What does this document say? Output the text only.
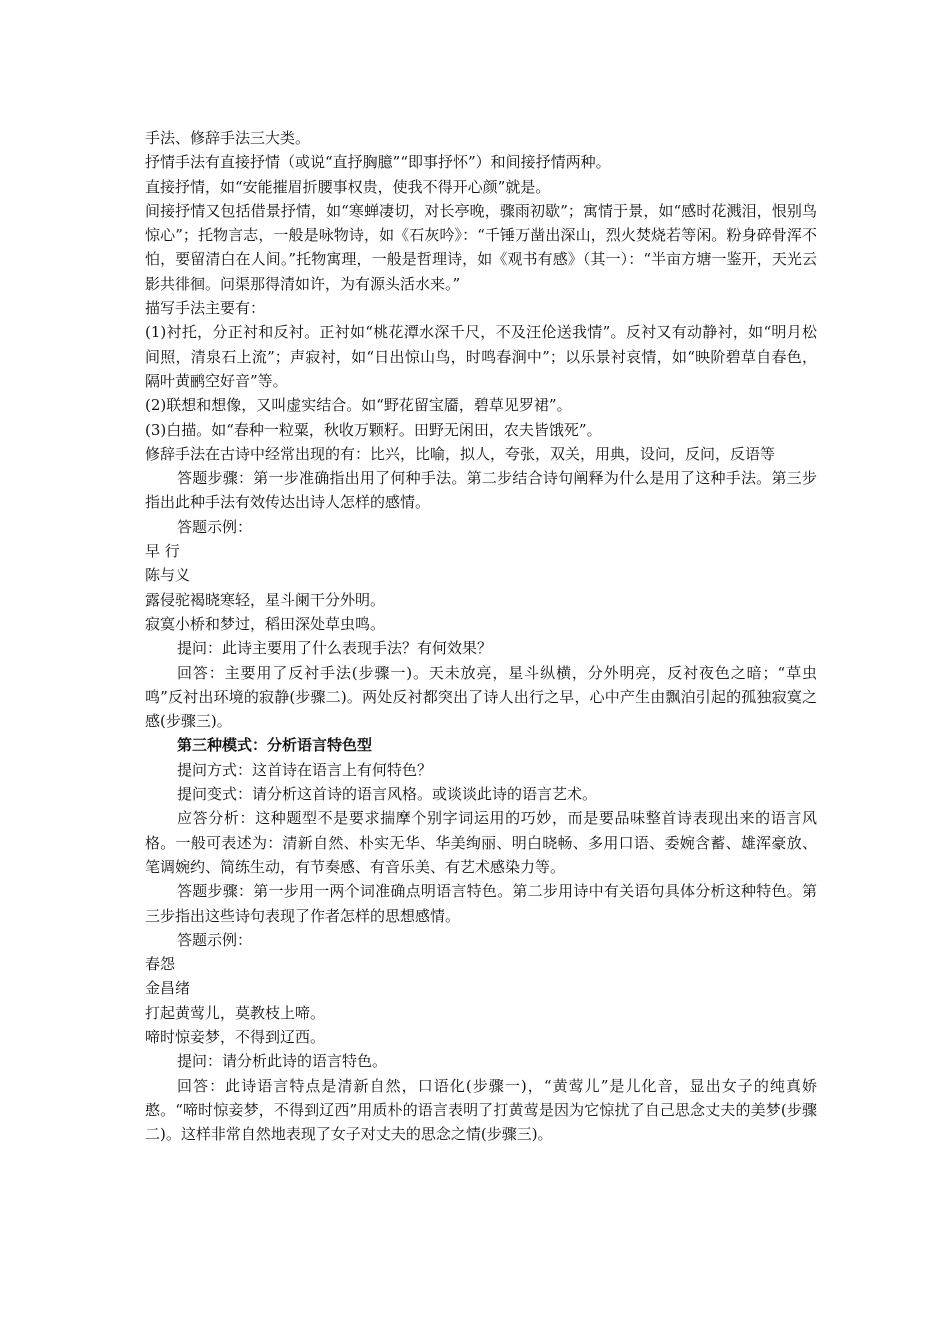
手法、修辞手法三大类。

抒情手法有直接抒情（或说“直抒胸臆”“即事抒怀”）和间接抒情两种。

直接抒情，如“安能摧眉折腰事权贵，使我不得开心颜”就是。

间接抒情又包括借景抒情，如“寒蝉凄切，对长亭晚，骤雨初歇”；寓情于景，如“感时花溅泪，恨别鸟惊心”；托物言志，一般是咏物诗，如《石灰吟》：“千锤万凿出深山，烈火焚烧若等闲。粉身碎骨浑不怕，要留清白在人间。”托物寓理，一般是哲理诗，如《观书有感》（其一）：“半亩方塘一鉴开，天光云影共徘徊。问渠那得清如许，为有源头活水来。”

描写手法主要有：

(1)衬托，分正衬和反衬。正衬如“桃花潭水深千尺，不及汪伦送我情”。反衬又有动静衬，如“明月松间照，清泉石上流”；声寂衬，如“日出惊山鸟，时鸣春涧中”；以乐景衬哀情，如“映阶碧草自春色，隔叶黄鹂空好音”等。

(2)联想和想像，又叫虚实结合。如“野花留宝靥，碧草见罗裙”。

(3)白描。如“春种一粒粟，秋收万颗籽。田野无闲田，农夫皆饿死”。

修辞手法在古诗中经常出现的有：比兴，比喻，拟人，夸张，双关，用典，设问，反问，反语等

答题步骤：第一步准确指出用了何种手法。第二步结合诗句阐释为什么是用了这种手法。第三步指出此种手法有效传达出诗人怎样的感情。

答题示例：

早 行

陈与义

露侵驼褐晓寒轻，星斗阑干分外明。

寂寞小桥和梦过，稻田深处草虫鸣。

提问：此诗主要用了什么表现手法？有何效果？

回答：主要用了反衬手法(步骤一)。天未放亮，星斗纵横，分外明亮，反衬夜色之暗；“草虫鸣”反衬出环境的寂静(步骤二)。两处反衬都突出了诗人出行之早，心中产生由飘泊引起的孤独寂寞之感(步骤三)。

第三种模式：分析语言特色型

提问方式：这首诗在语言上有何特色？

提问变式：请分析这首诗的语言风格。或谈谈此诗的语言艺术。

应答分析：这种题型不是要求揣摩个别字词运用的巧妙，而是要品味整首诗表现出来的语言风格。一般可表述为：清新自然、朴实无华、华美绚丽、明白晓畅、多用口语、委婉含蓄、雄浑豪放、笔调婉约、简练生动，有节奏感、有音乐美、有艺术感染力等。

答题步骤：第一步用一两个词准确点明语言特色。第二步用诗中有关语句具体分析这种特色。第三步指出这些诗句表现了作者怎样的思想感情。

答题示例：

春怨

金昌绪

打起黄莺儿，莫教枝上啼。

啼时惊妾梦，不得到辽西。

提问：请分析此诗的语言特色。

回答：此诗语言特点是清新自然，口语化(步骤一)，“黄莺儿”是儿化音，显出女子的纯真娇憨。“啼时惊妾梦，不得到辽西”用质朴的语言表明了打黄莺是因为它惊扰了自己思念丈夫的美梦(步骤二)。这样非常自然地表现了女子对丈夫的思念之情(步骤三)。
